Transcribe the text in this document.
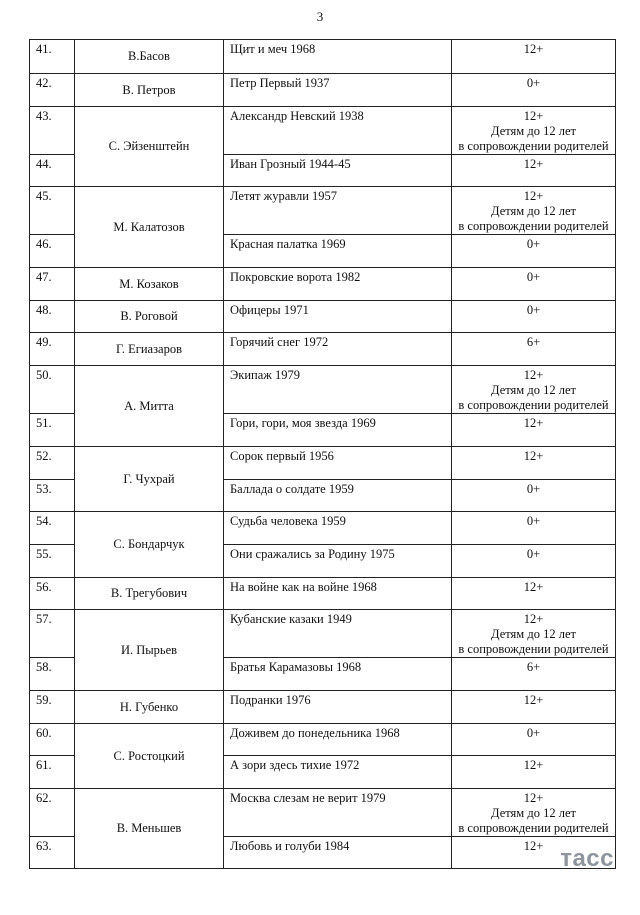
3
41.	В.Басов	Щит и меч 1968	12+

42.	В. Петров	Петр Первый 1937	0+

43.	С. Эйзенштейн	Александр Невский 1938	12+
Детям до 12 лет
в сопровождении родителей

44.		Иван Грозный 1944-45	12+

45.	М. Калатозов	Летят журавли 1957	12+
Детям до 12 лет
в сопровождении родителей

46.		Красная палатка 1969	0+

47.	М. Козаков	Покровские ворота 1982	0+

48.	В. Роговой	Офицеры 1971	0+

49.	Г. Егиазаров	Горячий снег 1972	6+

50.	А. Митта	Экипаж 1979	12+
Детям до 12 лет
в сопровождении родителей

51.		Гори, гори, моя звезда 1969	12+

52.	Г. Чухрай	Сорок первый 1956	12+

53.		Баллада о солдате 1959	0+

54.	С. Бондарчук	Судьба человека 1959	0+

55.		Они сражались за Родину 1975	0+

56.	В. Трегубович	На войне как на войне 1968	12+

57.	И. Пырьев	Кубанские казаки 1949	12+
Детям до 12 лет
в сопровождении родителей

58.		Братья Карамазовы 1968	6+

59.	Н. Губенко	Подранки 1976	12+

60.	С. Ростоцкий	Доживем до понедельника 1968	0+

61.		А зори здесь тихие 1972	12+

62.	В. Меньшев	Москва слезам не верит 1979	12+
Детям до 12 лет
в сопровождении родителей

63.		Любовь и голуби 1984	12+ тасс
